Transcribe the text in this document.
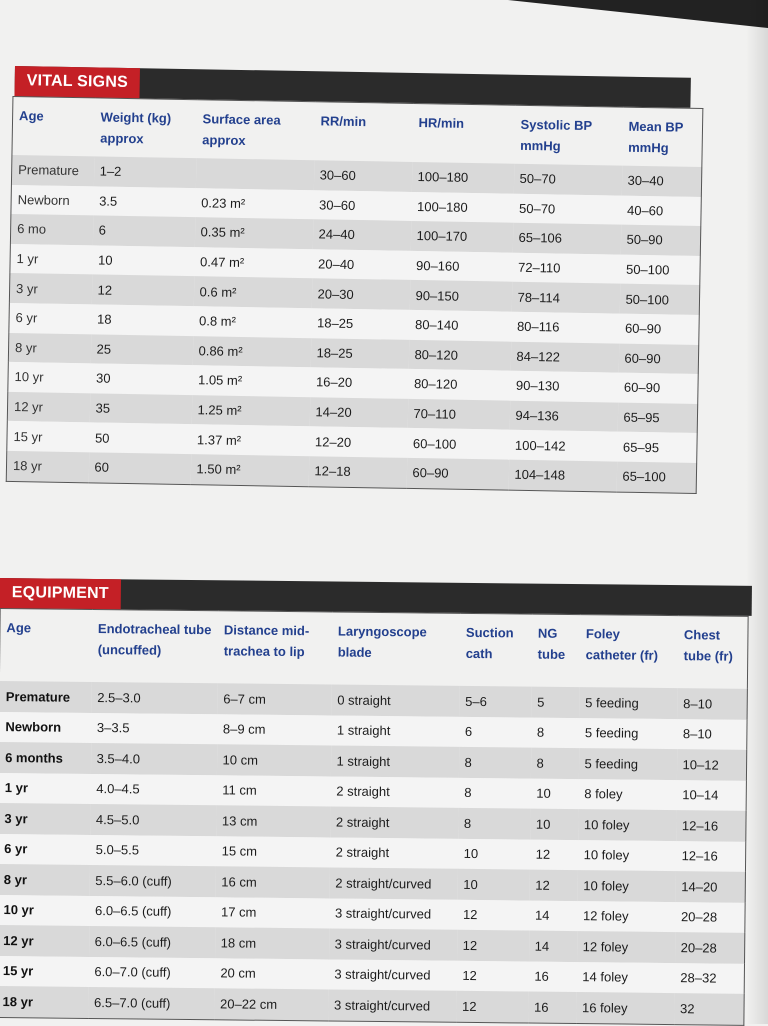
VITAL SIGNS
Age	Weight (kg) approx	Surface area approx	RR/min	HR/min	Systolic BP mmHg	Mean BP mmHg
Premature	1–2		30–60	100–180	50–70	30–40
Newborn	3.5	0.23 m²	30–60	100–180	50–70	40–60
6 mo	6	0.35 m²	24–40	100–170	65–106	50–90
1 yr	10	0.47 m²	20–40	90–160	72–110	50–100
3 yr	12	0.6 m²	20–30	90–150	78–114	50–100
6 yr	18	0.8 m²	18–25	80–140	80–116	60–90
8 yr	25	0.86 m²	18–25	80–120	84–122	60–90
10 yr	30	1.05 m²	16–20	80–120	90–130	60–90
12 yr	35	1.25 m²	14–20	70–110	94–136	65–95
15 yr	50	1.37 m²	12–20	60–100	100–142	65–95
18 yr	60	1.50 m²	12–18	60–90	104–148	65–100
EQUIPMENT
Age	Endotracheal tube (uncuffed)	Distance mid-trachea to lip	Laryngoscope blade	Suction cath	NG tube	Foley catheter (fr)	Chest tube (fr)
Premature	2.5–3.0	6–7 cm	0 straight	5–6	5	5 feeding	8–10
Newborn	3–3.5	8–9 cm	1 straight	6	8	5 feeding	8–10
6 months	3.5–4.0	10 cm	1 straight	8	8	5 feeding	10–12
1 yr	4.0–4.5	11 cm	2 straight	8	10	8 foley	10–14
3 yr	4.5–5.0	13 cm	2 straight	8	10	10 foley	12–16
6 yr	5.0–5.5	15 cm	2 straight	10	12	10 foley	12–16
8 yr	5.5–6.0 (cuff)	16 cm	2 straight/curved	10	12	10 foley	14–20
10 yr	6.0–6.5 (cuff)	17 cm	3 straight/curved	12	14	12 foley	20–28
12 yr	6.0–6.5 (cuff)	18 cm	3 straight/curved	12	14	12 foley	20–28
15 yr	6.0–7.0 (cuff)	20 cm	3 straight/curved	12	16	14 foley	28–32
18 yr	6.5–7.0 (cuff)	20–22 cm	3 straight/curved	12	16	16 foley	32
